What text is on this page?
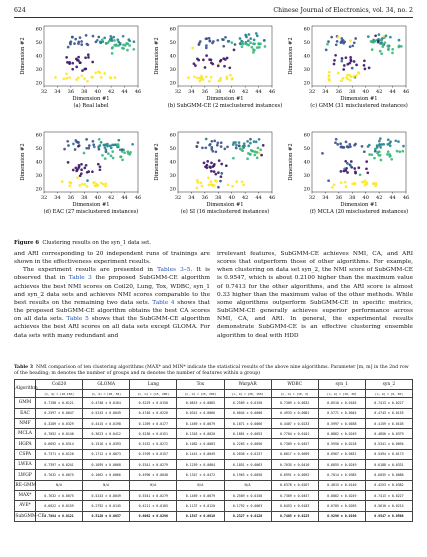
624	Chinese Journal of Electronics, vol. 34, no. 2
32 34 36 38 40 42 44 46
60
50
40
30
20
Dimension #1
Dimension #2
(a) Real label
32 34 36 38 40 42 44 46
60
50
40
30
20
Dimension #1
Dimension #2
(b) SubGMM-CE (2 misclustered instances)
32 34 36 38 40 42 44 46
60
50
40
30
20
Dimension #1
Dimension #2
(c) GMM (31 misclustered instances)
32 34 36 38 40 42 44 46
60
50
40
30
20
Dimension #1
Dimension #2
(d) EAC (27 misclustered instances)
32 34 36 38 40 42 44 46
60
50
40
30
20
Dimension #1
Dimension #2
(e) SI (16 misclustered instances)
32 34 36 38 40 42 44 46
60
50
40
30
20
Dimension #1
Dimension #2
(f) MCLA (20 misclustered instances)
Figure 6 Clustering results on the syn_1 data set.

and ARI corresponding to 20 independent runs of trainings are shown in the effectiveness experiment results.

The experiment results are presented in Tables 3–5. It is observed that in Table 3 the proposed SubGMM-CE algorithm achieves the best NMI scores on Coil20, Lung, Tox, WDBC, syn_1 and syn_2 data sets and achieves NMI scores comparable to the best results on the remaining two data sets. Table 4 shows that the proposed SubGMM-CE algorithm obtains the best CA scores on all data sets. Table 5 shows that the SubGMM-CE algorithm achieves the best ARI scores on all data sets except GLOMA. For data sets with many redundant and

irrelevant features, SubGMM-CE achieves NMI, CA, and ARI scores that outperform those of other algorithms. For example, when clustering on data set syn_2, the NMI score of SubGMM-CE is 0.9547, which is about 0.2100 higher than the maximum value of 0.7413 for the other algorithms, and the ARI score is almost 0.33 higher than the maximum value of the other methods. While some algorithms outperform SubGMM-CE in specific metrics, SubGMM-CE generally achieves superior performance across NMI, CA, and ARI. In general, the experimental results demonstrate SubGMM-CE is an effective clustering ensemble algorithm to deal with HDD

Table 3 NMI comparison of ten clustering algorithms (MAX* and MIN* indicate the statistical results of the above nine algorithms. Parameter [m, m] in the 2nd row of the heading; m denotes the number of groups and m denotes the number of features within a group)
Algorithm	Coil20	GLOMA	Lung	Tox	WarpAR	WDBC	syn_1	syn_2
	[n, m] = [10,150]	[n, m] = [20, 50]	[n, m] = [15, 200]	[n, m] = [15, 200]	[n, m] = [20, 150]	[n, m] = [10, 2]	[n, m] = [10, 20]	[n, m] = [6, 50]
GMM	0.7198 ± 0.0121	0.4748 ± 0.0164	0.5229 ± 0.0150	0.0815 ± 0.0085	0.2509 ± 0.0150	0.7309 ± 0.0032	0.8510 ± 0.0165	0.7413 ± 0.0227
EAC	0.2597 ± 0.0047	0.5243 ± 0.0049	0.4746 ± 0.0226	0.0341 ± 0.0066	0.0044 ± 0.0008	0.4933 ± 0.0081	0.5771 ± 0.0045	0.4743 ± 0.0155
NMF	0.3289 ± 0.0329	0.4415 ± 0.0198	0.1269 ± 0.0177	0.1469 ± 0.0079	0.1871 ± 0.0066	0.4407 ± 0.0233	0.5997 ± 0.0038	0.4159 ± 0.0105
MCLA	0.7052 ± 0.0140	0.3623 ± 0.0412	0.5236 ± 0.0151	0.1345 ± 0.0020	0.1861 ± 0.0053	0.7704 ± 0.0101	0.8862 ± 0.0249	0.4856 ± 0.0379
HGPA	0.6692 ± 0.0314	0.1516 ± 0.0393	0.3152 ± 0.0272	0.1082 ± 0.0083	0.2203 ± 0.0056	0.7309 ± 0.0457	0.5950 ± 0.0218	0.5341 ± 0.0094
CSPA	0.7371 ± 0.0120	0.1712 ± 0.0073	0.3709 ± 0.0157	0.1441 ± 0.0049	0.2036 ± 0.0137	0.6817 ± 0.0099	0.6967 ± 0.0631	0.5494 ± 0.0173
LWEA	0.7397 ± 0.0241	0.1695 ± 0.0068	0.5341 ± 0.0279	0.1259 ± 0.0084	0.1851 ± 0.0063	0.7035 ± 0.0410	0.6855 ± 0.0249	0.6188 ± 0.0331
LWGP	0.7632 ± 0.0075	0.1662 ± 0.0066	0.4990 ± 0.0048	0.1347 ± 0.0472	0.1963 ± 0.0058	0.6991 ± 0.0092	0.7014 ± 0.0385	0.6035 ± 0.0086
RE-GMM	N/A	N/A	N/A	N/A	N/A	0.6378 ± 0.0267	0.4815 ± 0.0140	0.4253 ± 0.0382
MAX*	0.7632 ± 0.0075	0.5243 ± 0.0049	0.5341 ± 0.0279	0.1469 ± 0.0079	0.2509 ± 0.0150	0.7309 ± 0.0457	0.8862 ± 0.0249	0.7413 ± 0.0227
AVE*	0.6022 ± 0.0159	0.2792 ± 0.0145	0.4211 ± 0.0165	0.1137 ± 0.0120	0.1792 ± 0.0063	0.6453 ± 0.0183	0.6705 ± 0.0265	0.5610 ± 0.0214
SubGMM-CE	0.7884 ± 0.0121	0.5120 ± 0.0037	0.6082 ± 0.0296	0.1547 ± 0.0010	0.2327 ± 0.0120	0.7405 ± 0.0225	0.9296 ± 0.0190	0.9547 ± 0.0568
